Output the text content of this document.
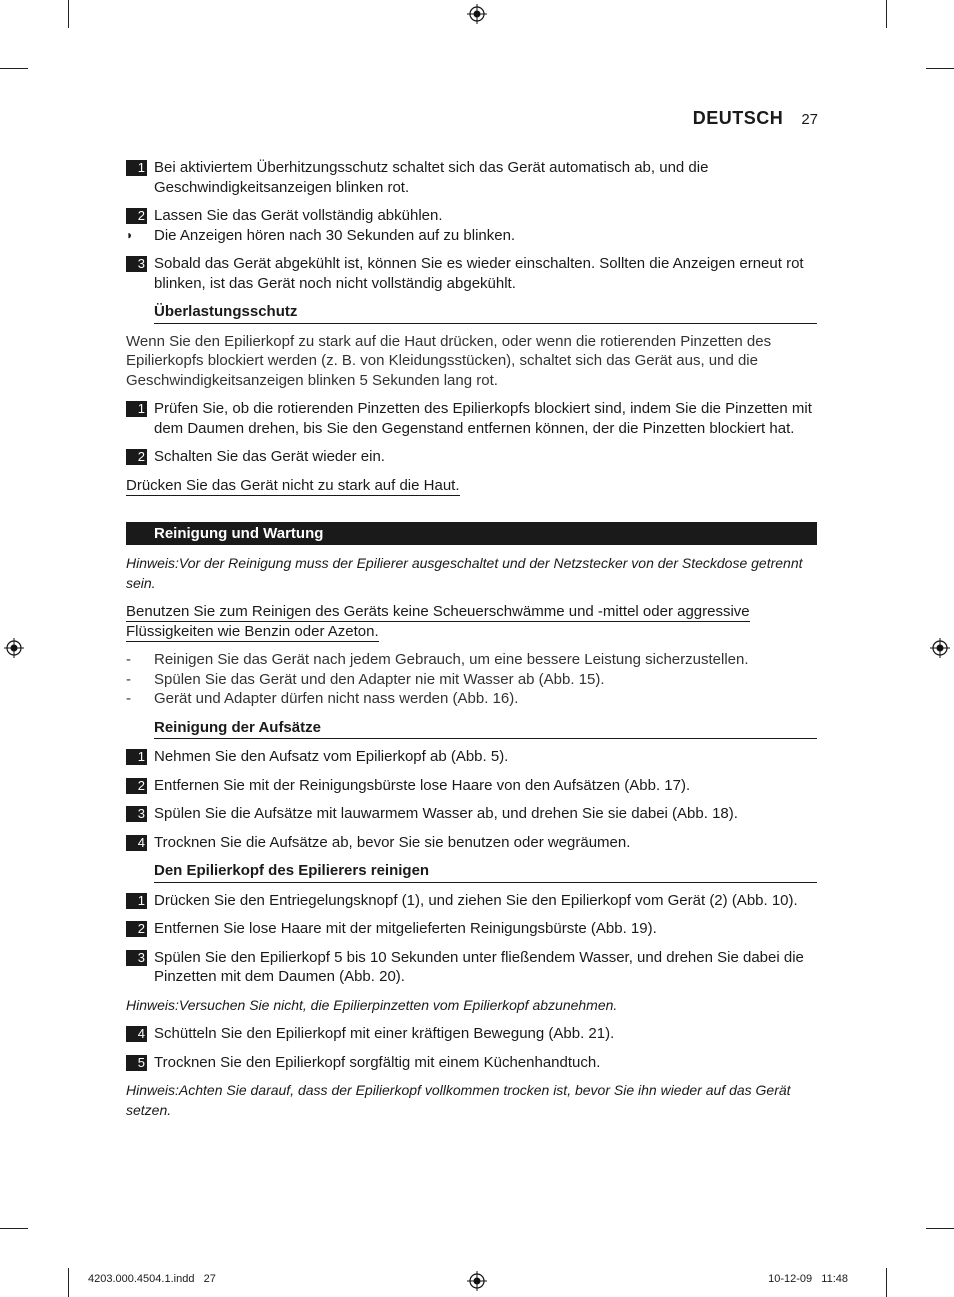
DEUTSCH 27
1 Bei aktiviertem Überhitzungsschutz schaltet sich das Gerät automatisch ab, und die Geschwindigkeitsanzeigen blinken rot.
2 Lassen Sie das Gerät vollständig abkühlen.
◗ Die Anzeigen hören nach 30 Sekunden auf zu blinken.
3 Sobald das Gerät abgekühlt ist, können Sie es wieder einschalten. Sollten die Anzeigen erneut rot blinken, ist das Gerät noch nicht vollständig abgekühlt.
Überlastungsschutz

Wenn Sie den Epilierkopf zu stark auf die Haut drücken, oder wenn die rotierenden Pinzetten des Epilierkopfs blockiert werden (z. B. von Kleidungsstücken), schaltet sich das Gerät aus, und die Geschwindigkeitsanzeigen blinken 5 Sekunden lang rot.

1 Prüfen Sie, ob die rotierenden Pinzetten des Epilierkopfs blockiert sind, indem Sie die Pinzetten mit dem Daumen drehen, bis Sie den Gegenstand entfernen können, der die Pinzetten blockiert hat.
2 Schalten Sie das Gerät wieder ein.

Drücken Sie das Gerät nicht zu stark auf die Haut.

Reinigung und Wartung

Hinweis:Vor der Reinigung muss der Epilierer ausgeschaltet und der Netzstecker von der Steckdose getrennt sein.

Benutzen Sie zum Reinigen des Geräts keine Scheuerschwämme und -mittel oder aggressive
Flüssigkeiten wie Benzin oder Azeton.

- Reinigen Sie das Gerät nach jedem Gebrauch, um eine bessere Leistung sicherzustellen.
- Spülen Sie das Gerät und den Adapter nie mit Wasser ab (Abb. 15).
- Gerät und Adapter dürfen nicht nass werden (Abb. 16).
Reinigung der Aufsätze
1 Nehmen Sie den Aufsatz vom Epilierkopf ab (Abb. 5).
2 Entfernen Sie mit der Reinigungsbürste lose Haare von den Aufsätzen (Abb. 17).
3 Spülen Sie die Aufsätze mit lauwarmem Wasser ab, und drehen Sie sie dabei (Abb. 18).
4 Trocknen Sie die Aufsätze ab, bevor Sie sie benutzen oder wegräumen.
Den Epilierkopf des Epilierers reinigen
1 Drücken Sie den Entriegelungsknopf (1), und ziehen Sie den Epilierkopf vom Gerät (2) (Abb. 10).
2 Entfernen Sie lose Haare mit der mitgelieferten Reinigungsbürste (Abb. 19).
3 Spülen Sie den Epilierkopf 5 bis 10 Sekunden unter fließendem Wasser, und drehen Sie dabei die Pinzetten mit dem Daumen (Abb. 20).

Hinweis:Versuchen Sie nicht, die Epilierpinzetten vom Epilierkopf abzunehmen.

4 Schütteln Sie den Epilierkopf mit einer kräftigen Bewegung (Abb. 21).
5 Trocknen Sie den Epilierkopf sorgfältig mit einem Küchenhandtuch.

Hinweis:Achten Sie darauf, dass der Epilierkopf vollkommen trocken ist, bevor Sie ihn wieder auf das Gerät setzen.

4203.000.4504.1.indd   27	10-12-09   11:48
